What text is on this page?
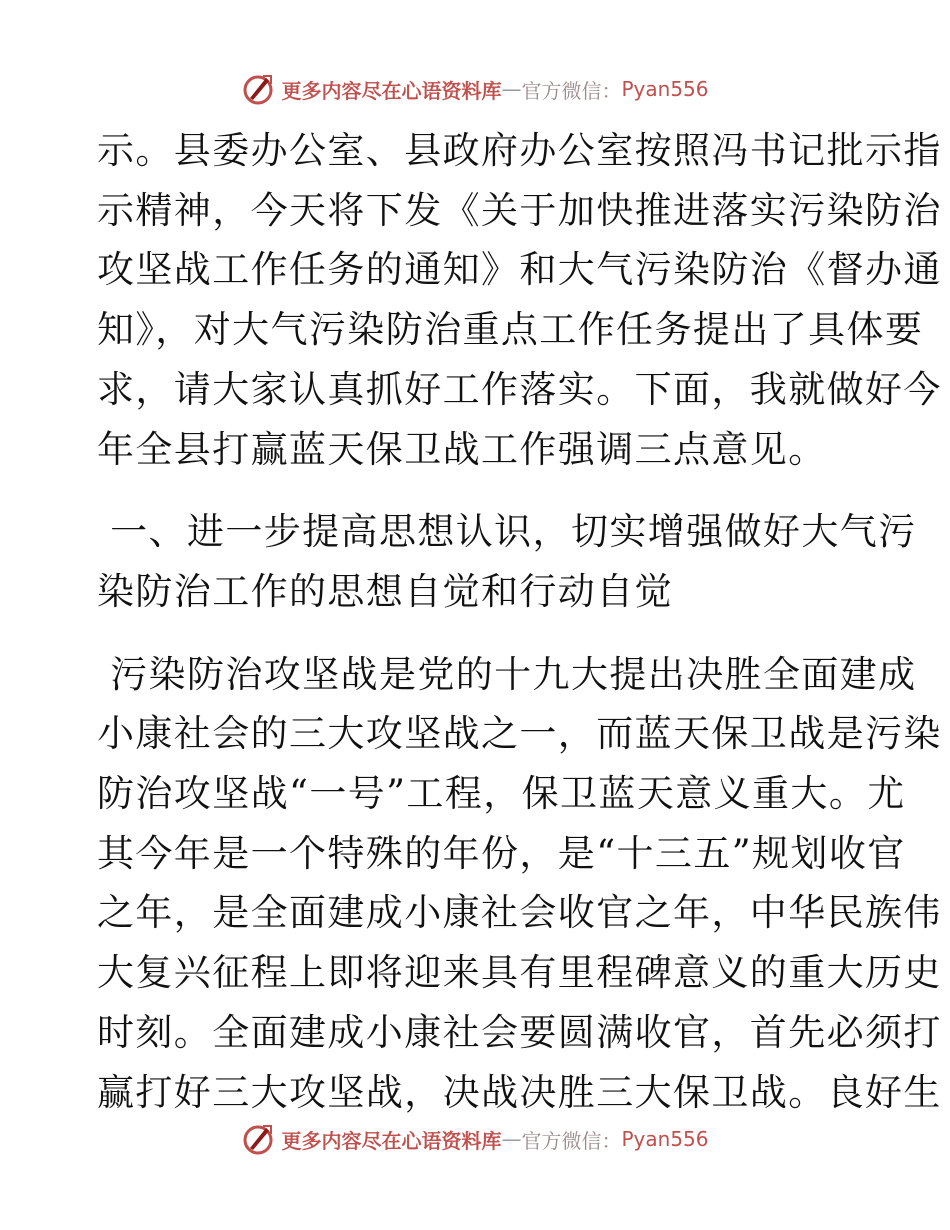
更多内容尽在心语资料库 — 官方微信： Pyan556

示。县委办公室、县政府办公室按照冯书记批示指

示精神，今天将下发《关于加快推进落实污染防治

攻坚战工作任务的通知》和大气污染防治《督办通

知》，对大气污染防治重点工作任务提出了具体要

求，请大家认真抓好工作落实。下面，我就做好今

年全县打赢蓝天保卫战工作强调三点意见。

一、进一步提高思想认识，切实增强做好大气污

染防治工作的思想自觉和行动自觉

污染防治攻坚战是党的十九大提出决胜全面建成

小康社会的三大攻坚战之一，而蓝天保卫战是污染

防治攻坚战“一号”工程，保卫蓝天意义重大。尤

其今年是一个特殊的年份，是“十三五”规划收官

之年，是全面建成小康社会收官之年，中华民族伟

大复兴征程上即将迎来具有里程碑意义的重大历史

时刻。全面建成小康社会要圆满收官，首先必须打

赢打好三大攻坚战，决战决胜三大保卫战。良好生

更多内容尽在心语资料库 — 官方微信： Pyan556
